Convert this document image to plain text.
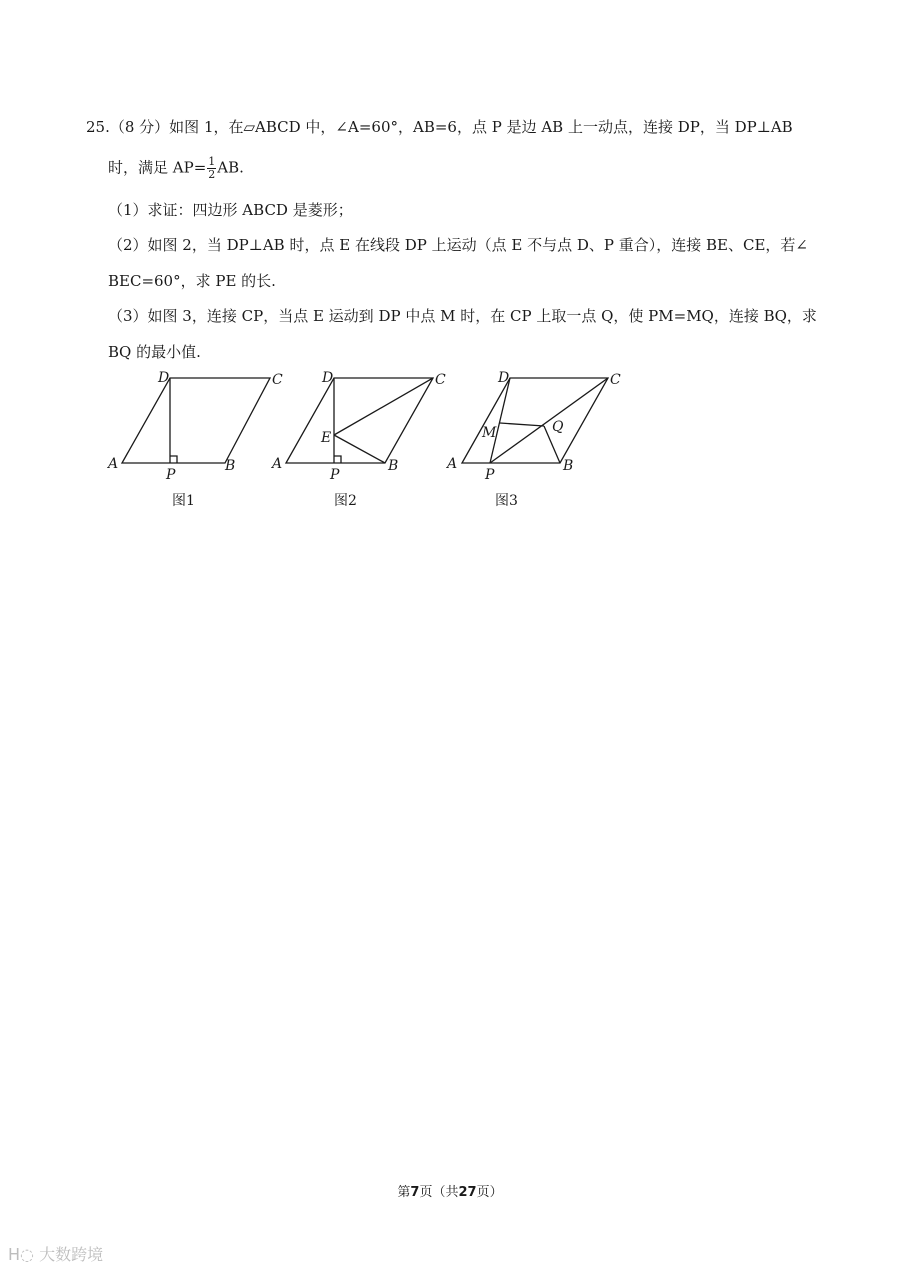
25.（8 分）如图 1，在▱ABCD 中，∠A=60°，AB=6，点 P 是边 AB 上一动点，连接 DP，当 DP⊥AB
时，满足 $AP= \frac{1}{2}$ AB.
（1）求证：四边形 ABCD 是菱形；
（2）如图 2，当 DP⊥AB 时，点 E 在线段 DP 上运动（点 E 不与点 D、P 重合），连接 BE、CE，若∠
BEC=60°，求 PE 的长.
（3）如图 3，连接 CP，当点 E 运动到 DP 中点 M 时，在 CP 上取一点 Q，使 PM=MQ，连接 BQ，求
BQ 的最小值.
D	C
A
P
B
图1
D	C
E
A
P
B
图2
D	C
M	Q
A
P
B
图3
第7页（共27页）
ᕼ◌ 大数跨境
